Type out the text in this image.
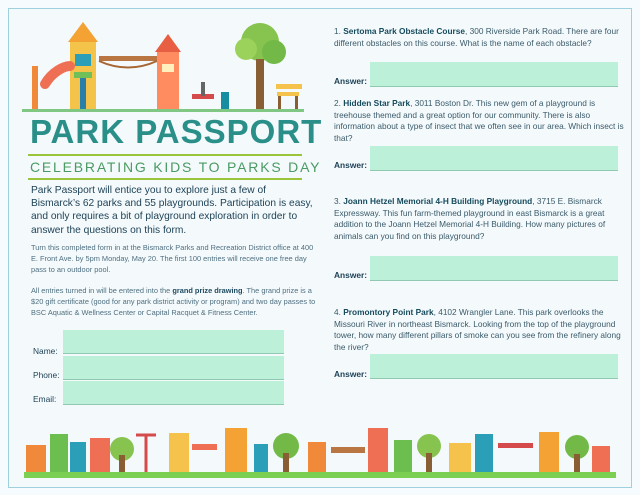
PARK PASSPORT
CELEBRATING KIDS TO PARKS DAY
Park Passport will entice you to explore just a few of Bismarck’s 62 parks and 55 playgrounds. Participation is easy, and only requires a bit of playground exploration in order to answer the questions on this form.
Turn this completed form in at the Bismarck Parks and Recreation District office at 400 E. Front Ave. by 5pm Monday, May 20. The first 100 entries will receive one free day pass to an outdoor pool.
All entries turned in will be entered into the grand prize drawing. The grand prize is a $20 gift certificate (good for any park district activity or program) and two day passes to BSC Aquatic & Wellness Center or Capital Racquet & Fitness Center.
Name:
Phone:
Email:
1. Sertoma Park Obstacle Course, 300 Riverside Park Road. There are four different obstacles on this course. What is the name of each obstacle?
Answer:
2. Hidden Star Park, 3011 Boston Dr. This new gem of a playground is treehouse themed and a great option for our community. There is also information about a type of insect that we often see in our area. Which insect is that?
Answer:
3. Joann Hetzel Memorial 4-H Building Playground, 3715 E. Bismarck Expressway. This fun farm-themed playground in east Bismarck is a great addition to the Joann Hetzel Memorial 4-H Building. How many pictures of animals can you find on this playground?
Answer:
4. Promontory Point Park, 4102 Wrangler Lane. This park overlooks the Missouri River in northeast Bismarck. Looking from the top of the playground tower, how many different pillars of smoke can you see from the refinery along the river?
Answer:
